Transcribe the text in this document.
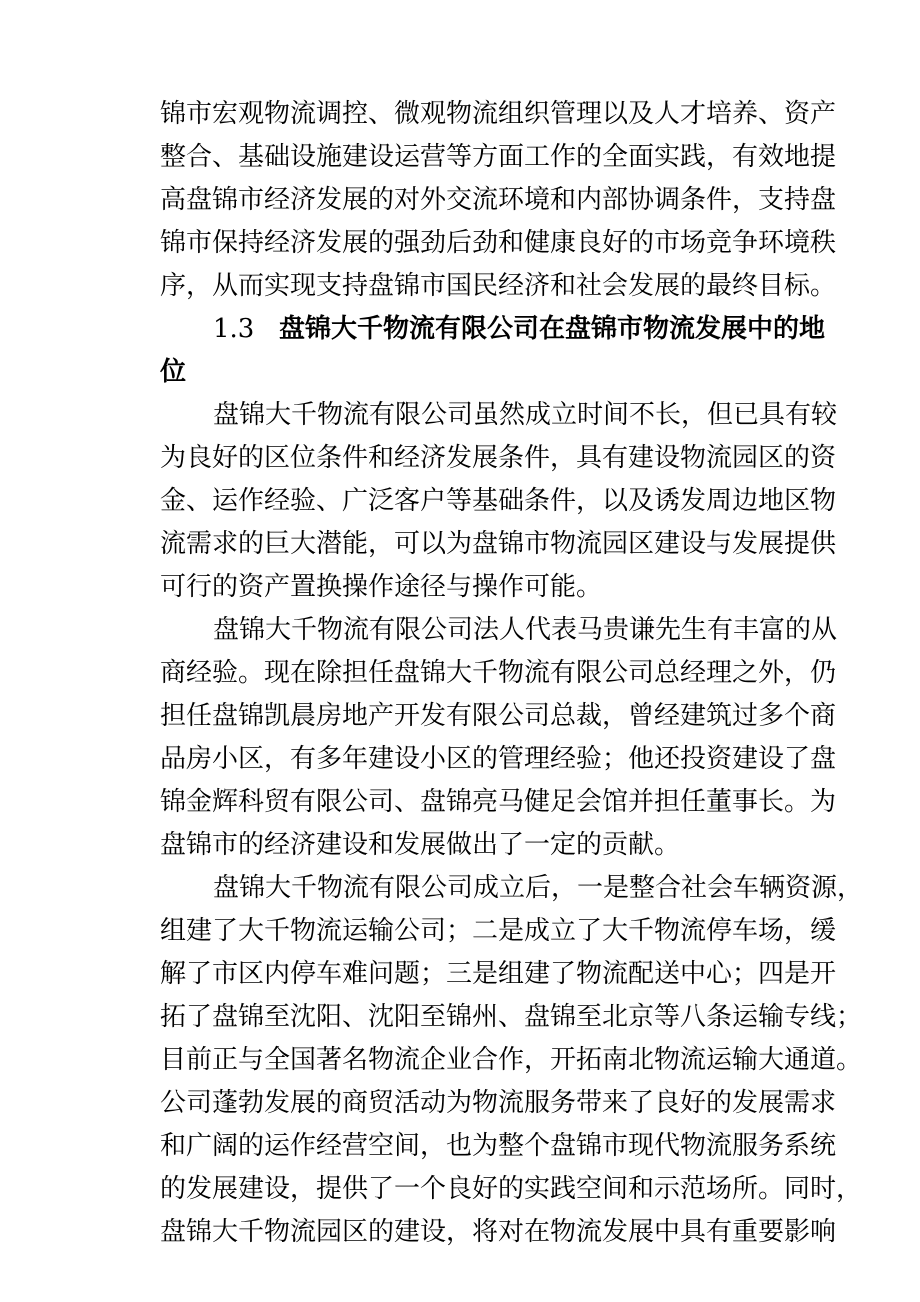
锦市宏观物流调控、微观物流组织管理以及人才培养、资产
整合、基础设施建设运营等方面工作的全面实践，有效地提
高盘锦市经济发展的对外交流环境和内部协调条件，支持盘
锦市保持经济发展的强劲后劲和健康良好的市场竞争环境秩
序，从而实现支持盘锦市国民经济和社会发展的最终目标。
1.3 盘锦大千物流有限公司在盘锦市物流发展中的地
位
盘锦大千物流有限公司虽然成立时间不长，但已具有较
为良好的区位条件和经济发展条件，具有建设物流园区的资
金、运作经验、广泛客户等基础条件，以及诱发周边地区物
流需求的巨大潜能，可以为盘锦市物流园区建设与发展提供
可行的资产置换操作途径与操作可能。
盘锦大千物流有限公司法人代表马贵谦先生有丰富的从
商经验。现在除担任盘锦大千物流有限公司总经理之外，仍
担任盘锦凯晨房地产开发有限公司总裁，曾经建筑过多个商
品房小区，有多年建设小区的管理经验；他还投资建设了盘
锦金辉科贸有限公司、盘锦亮马健足会馆并担任董事长。为
盘锦市的经济建设和发展做出了一定的贡献。
盘锦大千物流有限公司成立后，一是整合社会车辆资源，
组建了大千物流运输公司；二是成立了大千物流停车场，缓
解了市区内停车难问题；三是组建了物流配送中心；四是开
拓了盘锦至沈阳、沈阳至锦州、盘锦至北京等八条运输专线；
目前正与全国著名物流企业合作，开拓南北物流运输大通道。
公司蓬勃发展的商贸活动为物流服务带来了良好的发展需求
和广阔的运作经营空间，也为整个盘锦市现代物流服务系统
的发展建设，提供了一个良好的实践空间和示范场所。同时，
盘锦大千物流园区的建设，将对在物流发展中具有重要影响
